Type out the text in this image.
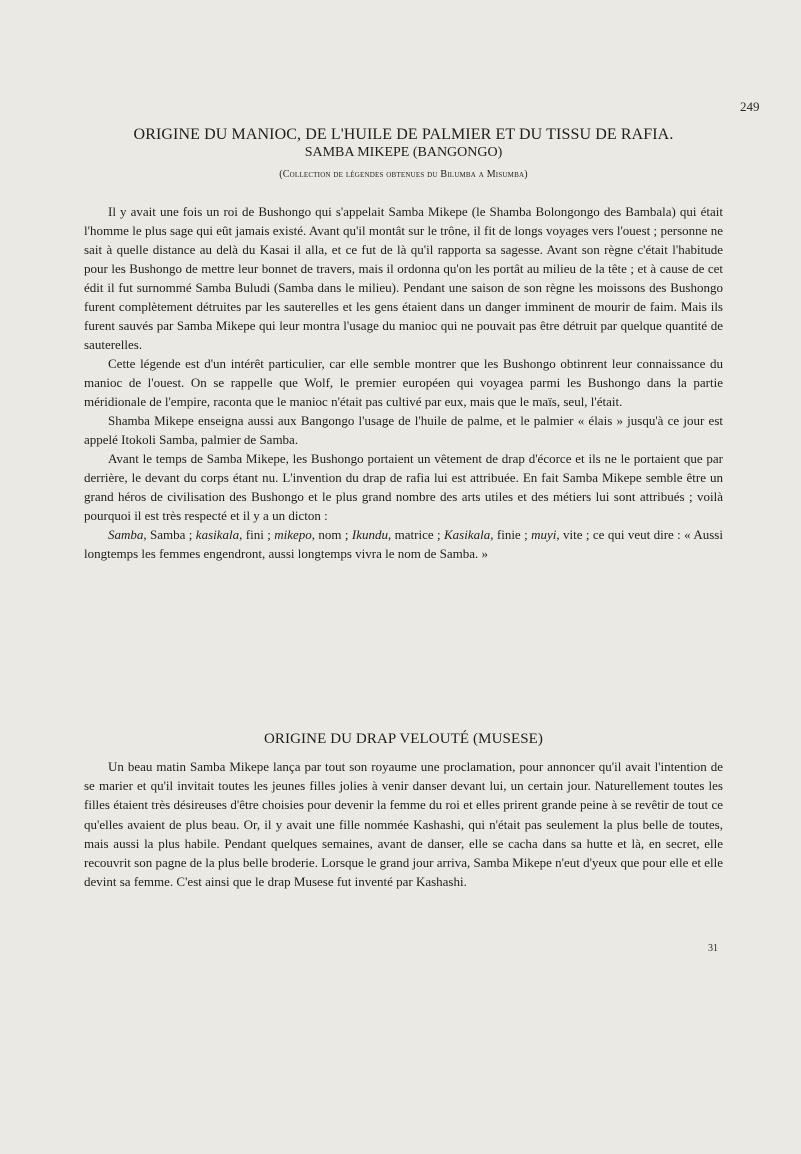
249
ORIGINE DU MANIOC, DE L'HUILE DE PALMIER ET DU TISSU DE RAFIA.
SAMBA MIKEPE (BANGONGO)

(Collection de légendes obtenues du Bilumba a Misumba)

Il y avait une fois un roi de Bushongo qui s'appelait Samba Mikepe (le Shamba Bolongongo des Bambala) qui était l'homme le plus sage qui eût jamais existé. Avant qu'il montât sur le trône, il fit de longs voyages vers l'ouest ; personne ne sait à quelle distance au delà du Kasai il alla, et ce fut de là qu'il rapporta sa sagesse. Avant son règne c'était l'habitude pour les Bushongo de mettre leur bonnet de travers, mais il ordonna qu'on les portât au milieu de la tête ; et à cause de cet édit il fut surnommé Samba Buludi (Samba dans le milieu). Pendant une saison de son règne les moissons des Bushongo furent complètement détruites par les sauterelles et les gens étaient dans un danger imminent de mourir de faim. Mais ils furent sauvés par Samba Mikepe qui leur montra l'usage du manioc qui ne pouvait pas être détruit par quelque quantité de sauterelles.

Cette légende est d'un intérêt particulier, car elle semble montrer que les Bushongo obtinrent leur connaissance du manioc de l'ouest. On se rappelle que Wolf, le premier européen qui voyagea parmi les Bushongo dans la partie méridionale de l'empire, raconta que le manioc n'était pas cultivé par eux, mais que le maïs, seul, l'était.

Shamba Mikepe enseigna aussi aux Bangongo l'usage de l'huile de palme, et le palmier « élais » jusqu'à ce jour est appelé Itokoli Samba, palmier de Samba.

Avant le temps de Samba Mikepe, les Bushongo portaient un vêtement de drap d'écorce et ils ne le portaient que par derrière, le devant du corps étant nu. L'invention du drap de rafia lui est attribuée. En fait Samba Mikepe semble être un grand héros de civilisation des Bushongo et le plus grand nombre des arts utiles et des métiers lui sont attribués ; voilà pourquoi il est très respecté et il y a un dicton :

Samba, Samba ; kasikala, fini ; mikepo, nom ; Ikundu, matrice ; Kasikala, finie ; muyi, vite ; ce qui veut dire : « Aussi longtemps les femmes engendront, aussi longtemps vivra le nom de Samba. »

ORIGINE DU DRAP VELOUTÉ (MUSESE)

Un beau matin Samba Mikepe lança par tout son royaume une proclamation, pour annoncer qu'il avait l'intention de se marier et qu'il invitait toutes les jeunes filles jolies à venir danser devant lui, un certain jour. Naturellement toutes les filles étaient très désireuses d'être choisies pour devenir la femme du roi et elles prirent grande peine à se revêtir de tout ce qu'elles avaient de plus beau. Or, il y avait une fille nommée Kashashi, qui n'était pas seulement la plus belle de toutes, mais aussi la plus habile. Pendant quelques semaines, avant de danser, elle se cacha dans sa hutte et là, en secret, elle recouvrit son pagne de la plus belle broderie. Lorsque le grand jour arriva, Samba Mikepe n'eut d'yeux que pour elle et elle devint sa femme. C'est ainsi que le drap Musese fut inventé par Kashashi.

31
